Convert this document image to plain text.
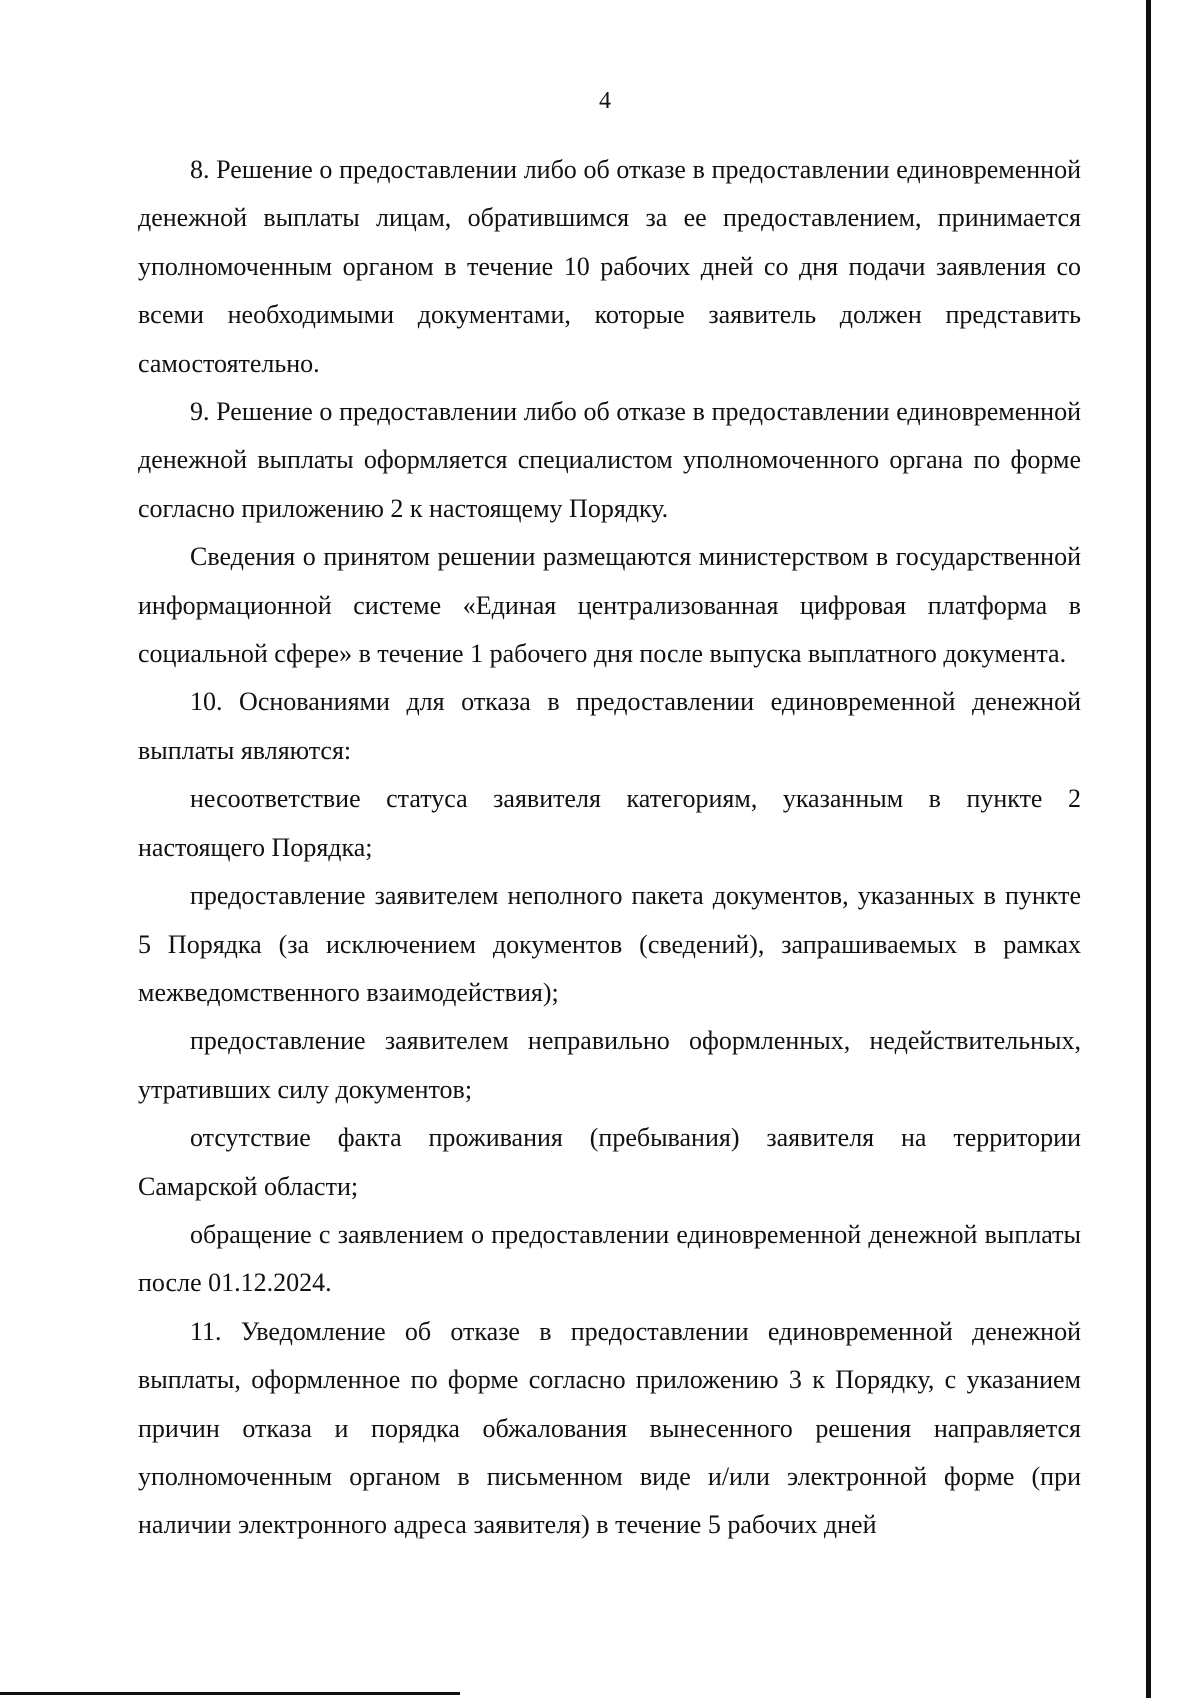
4

8. Решение о предоставлении либо об отказе в предоставлении единовременной денежной выплаты лицам, обратившимся за ее предоставлением, принимается уполномоченным органом в течение 10 рабочих дней со дня подачи заявления со всеми необходимыми документами, которые заявитель должен представить самостоятельно.

9. Решение о предоставлении либо об отказе в предоставлении единовременной денежной выплаты оформляется специалистом уполномоченного органа по форме согласно приложению 2 к настоящему Порядку.

Сведения о принятом решении размещаются министерством в государственной информационной системе «Единая централизованная цифровая платформа в социальной сфере» в течение 1 рабочего дня после выпуска выплатного документа.

10. Основаниями для отказа в предоставлении единовременной денежной выплаты являются:

несоответствие статуса заявителя категориям, указанным в пункте 2 настоящего Порядка;

предоставление заявителем неполного пакета документов, указанных в пункте 5 Порядка (за исключением документов (сведений), запрашиваемых в рамках межведомственного взаимодействия);

предоставление заявителем неправильно оформленных, недействительных, утративших силу документов;

отсутствие факта проживания (пребывания) заявителя на территории Самарской области;

обращение с заявлением о предоставлении единовременной денежной выплаты после 01.12.2024.

11. Уведомление об отказе в предоставлении единовременной денежной выплаты, оформленное по форме согласно приложению 3 к Порядку, с указанием причин отказа и порядка обжалования вынесенного решения направляется уполномоченным органом в письменном виде и/или электронной форме (при наличии электронного адреса заявителя) в течение 5 рабочих дней
